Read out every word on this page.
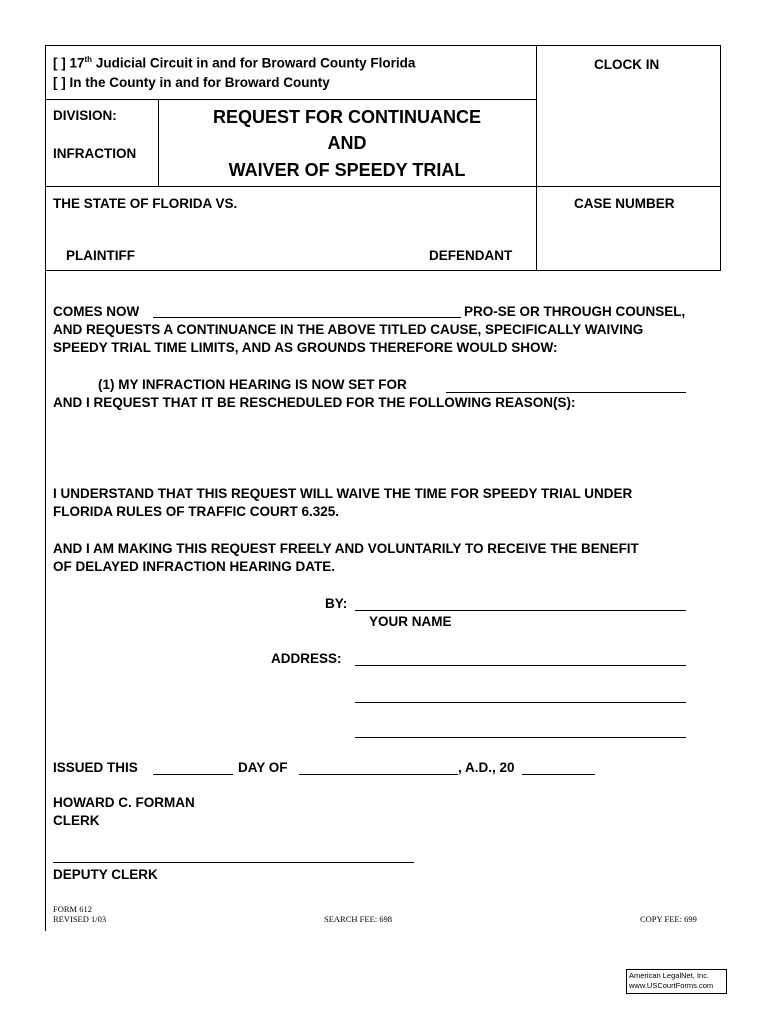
[ ] 17th Judicial Circuit in and for Broward County Florida
[ ] In the County in and for Broward County
CLOCK IN
DIVISION:
INFRACTION
REQUEST FOR CONTINUANCE
AND
WAIVER OF SPEEDY TRIAL
THE STATE OF FLORIDA VS.	CASE NUMBER
PLAINTIFF	DEFENDANT
COMES NOW	PRO-SE OR THROUGH COUNSEL,
AND REQUESTS A CONTINUANCE IN THE ABOVE TITLED CAUSE, SPECIFICALLY WAIVING
SPEEDY TRIAL TIME LIMITS, AND AS GROUNDS THEREFORE WOULD SHOW:
(1) MY INFRACTION HEARING IS NOW SET FOR
AND I REQUEST THAT IT BE RESCHEDULED FOR THE FOLLOWING REASON(S):
I UNDERSTAND THAT THIS REQUEST WILL WAIVE THE TIME FOR SPEEDY TRIAL UNDER
FLORIDA RULES OF TRAFFIC COURT 6.325.
AND I AM MAKING THIS REQUEST FREELY AND VOLUNTARILY TO RECEIVE THE BENEFIT
OF DELAYED INFRACTION HEARING DATE.
BY:
YOUR NAME
ADDRESS:
ISSUED THIS	DAY OF	, A.D., 20
HOWARD C. FORMAN
CLERK
DEPUTY CLERK
FORM 612
REVISED 1/03	SEARCH FEE: 698	COPY FEE: 699
American LegalNet, Inc.
www.USCourtForms.com
